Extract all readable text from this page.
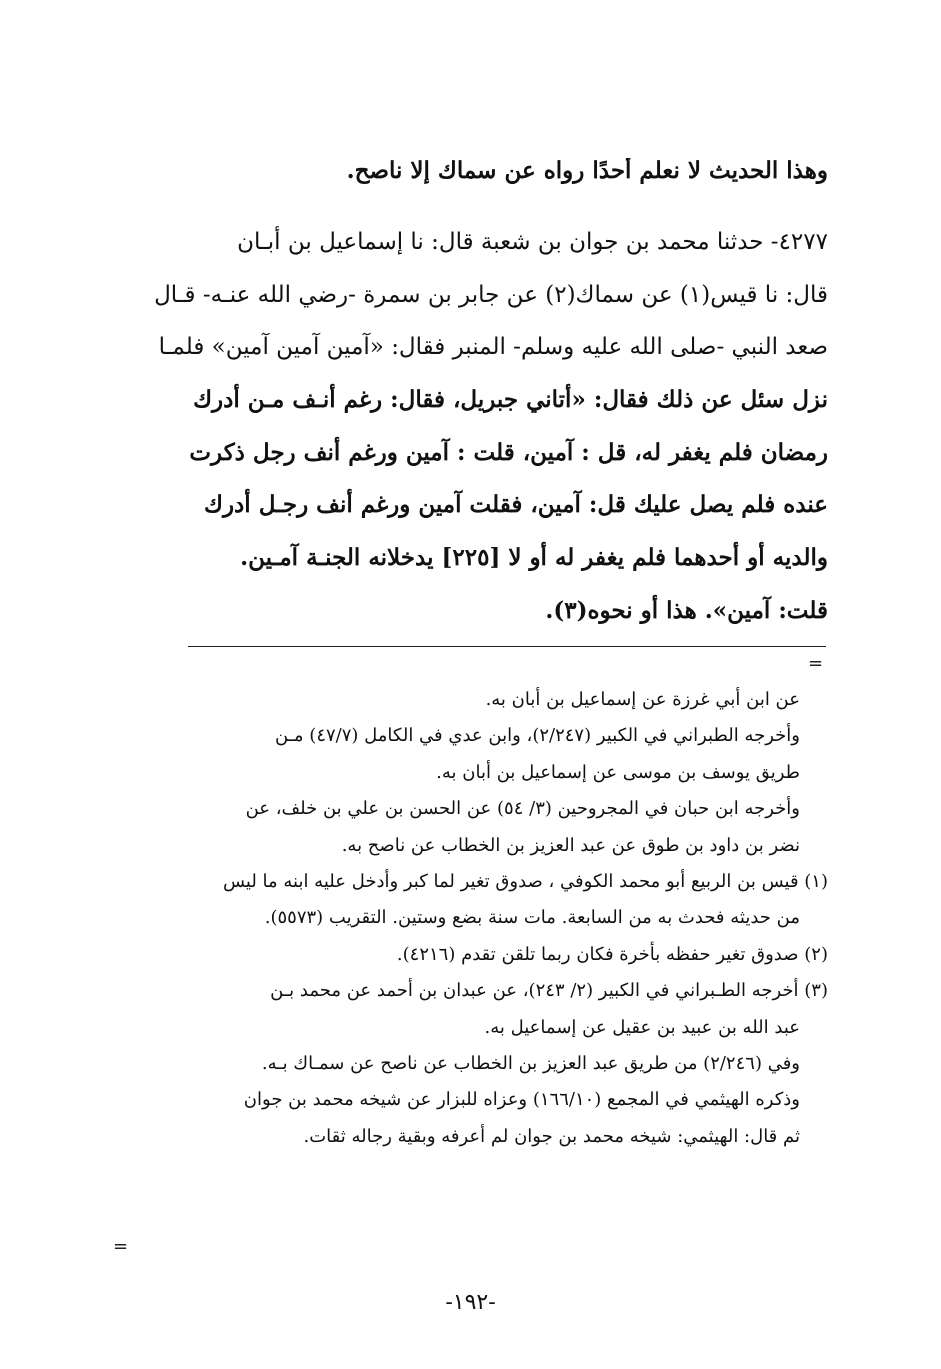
وهذا الحديث لا نعلم أحدًا رواه عن سماك إلا ناصح.
٤٢٧٧- حدثنا محمد بن جوان بن شعبة قال: نا إسماعيل بن أبـان
قال: نا قيس(١) عن سماك(٢) عن جابر بن سمرة -رضي الله عنـه- قـال
صعد النبي -صلى الله عليه وسلم- المنبر فقال: «آمين آمين آمين» فلمـا
نزل سئل عن ذلك فقال: «أتاني جبريل، فقال: رغم أنـف مـن أدرك
رمضان فلم يغفر له، قل : آمين، قلت : آمين ورغم أنف رجل ذكرت
عنده فلم يصل عليك قل: آمين، فقلت آمين ورغم أنف رجـل أدرك
والديه أو أحدهما فلم يغفر له أو لا [٢٢٥] يدخلانه الجنـة آمـين.
قلت: آمين». هذا أو نحوه(٣).
=
عن ابن أبي غرزة عن إسماعيل بن أبان به.
وأخرجه الطبراني في الكبير (٢/٢٤٧)، وابن عدي في الكامل (٤٧/٧) مـن
طريق يوسف بن موسى عن إسماعيل بن أبان به.
وأخرجه ابن حبان في المجروحين (٣/ ٥٤) عن الحسن بن علي بن خلف، عن
نضر بن داود بن طوق عن عبد العزيز بن الخطاب عن ناصح به.
(١) قيس بن الربيع أبو محمد الكوفي ، صدوق تغير لما كبر وأدخل عليه ابنه ما ليس
من حديثه فحدث به من السابعة. مات سنة بضع وستين. التقريب (٥٥٧٣).
(٢) صدوق تغير حفظه بأخرة فكان ربما تلقن تقدم (٤٢١٦).
(٣) أخرجه الطـبراني في الكبير (٢/ ٢٤٣)، عن عبدان بن أحمد عن محمد بـن
عبد الله بن عبيد بن عقيل عن إسماعيل به.
وفي (٢/٢٤٦) من طريق عبد العزيز بن الخطاب عن ناصح عن سمـاك بـه.
وذكره الهيثمي في المجمع (١٦٦/١٠) وعزاه للبزار عن شيخه محمد بن جوان
ثم قال: الهيثمي: شيخه محمد بن جوان لم أعرفه وبقية رجاله ثقات.
=
-١٩٢-
